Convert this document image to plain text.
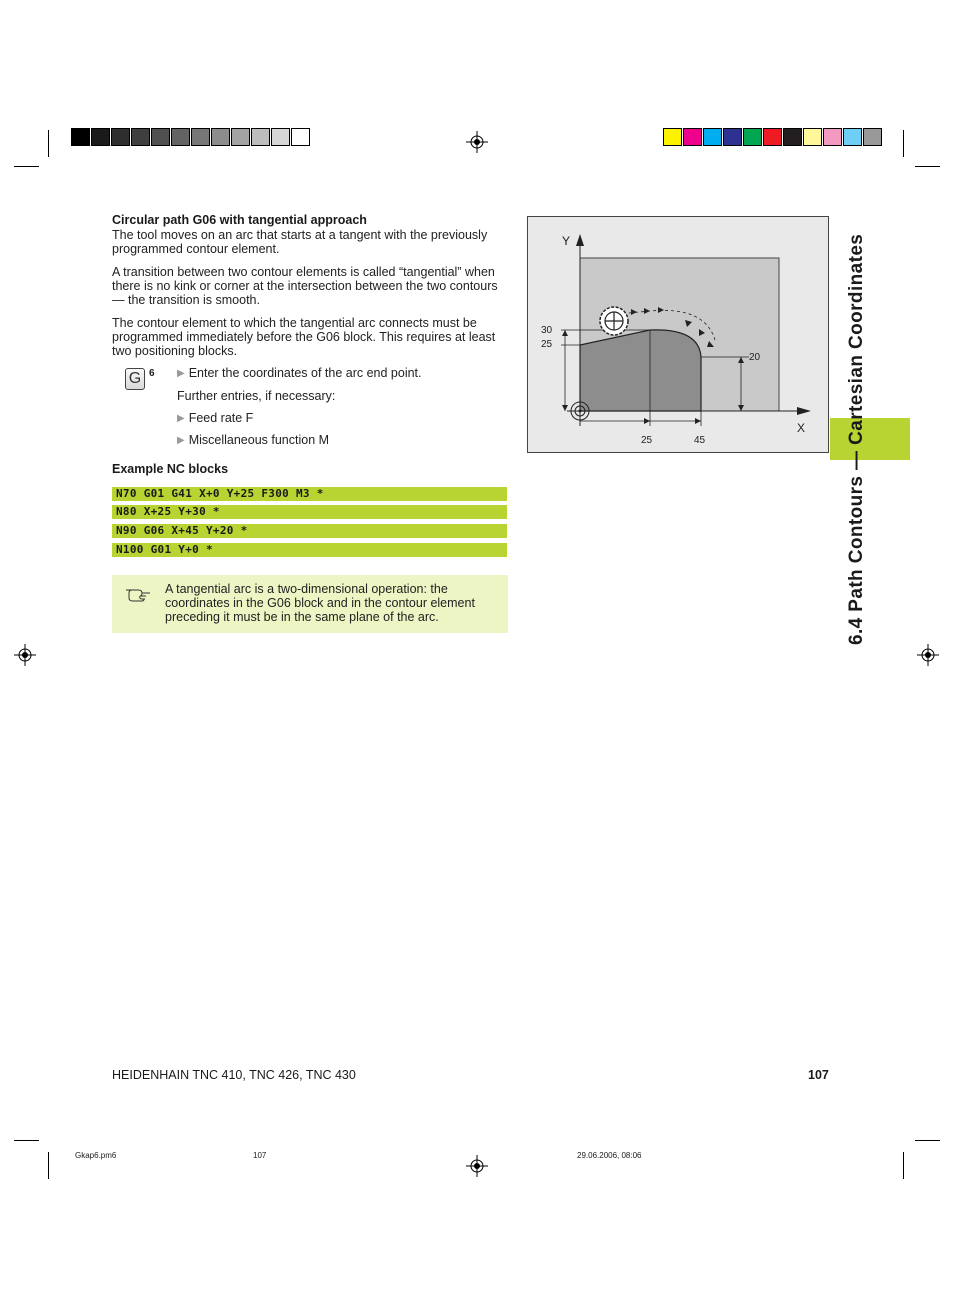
Circular path G06 with tangential approach
The tool moves on an arc that starts at a tangent with the previously programmed contour element.
A transition between two contour elements is called “tangential” when there is no kink or corner at the intersection between the two contours — the transition is smooth.
The contour element to which the tangential arc connects must be programmed immediately before the G06 block. This requires at least two positioning blocks.
G 6 ▶ Enter the coordinates of the arc end point.
Further entries, if necessary:
▶ Feed rate F
▶ Miscellaneous function M
Example NC blocks
N70 G01 G41 X+0 Y+25 F300 M3 *
N80 X+25 Y+30 *
N90 G06 X+45 Y+20 *
N100 G01 Y+0 *
A tangential arc is a two-dimensional operation: the coordinates in the G06 block and in the contour element preceding it must be in the same plane of the arc.
Y
X
30
25
20
25	45	6.4 Path Contours — Cartesian Coordinates
HEIDENHAIN TNC 410, TNC 426, TNC 430	107
Gkap6.pm6	107	29.06.2006, 08:06
